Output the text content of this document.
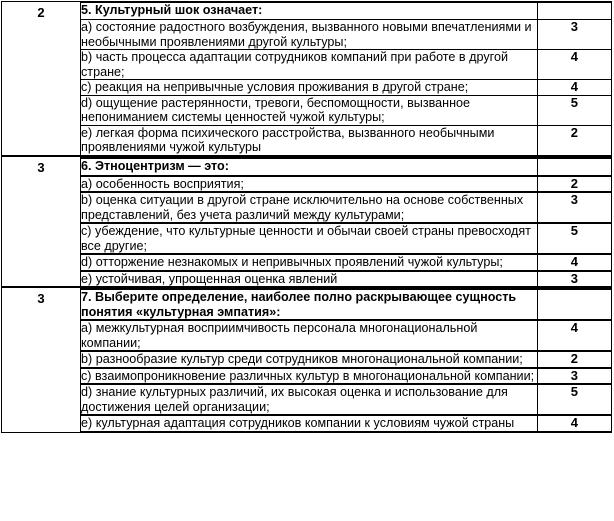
2		5. Культурный шок означает:	
а) состояние радостного возбуждения, вызванного новыми впечатлениями и необычными проявлениями другой культуры;	3
b) часть процесса адаптации сотрудников компаний при работе в другой стране;	4
с) реакция на непривычные условия проживания в другой стране;	4
d) ощущение растерянности, тревоги, беспомощности, вызванное непониманием системы ценностей чужой культуры;	5
е) легкая форма психического расстройства, вызванного необычными проявлениями чужой культуры	2

3		6. Этноцентризм — это:	
а) особенность восприятия;	2
b) оценка ситуации в другой стране исключительно на основе собственных представлений, без учета различий между культурами;	3
с) убеждение, что культурные ценности и обычаи своей страны превосходят все другие;	5
d) отторжение незнакомых и непривычных проявлений чужой культуры;	4
е) устойчивая, упрощенная оценка явлений	3

3		7. Выберите определение, наиболее полно раскрывающее сущность понятия «культурная эмпатия»:	
а) межкультурная восприимчивость персонала многонациональной компании;	4
b) разнообразие культур среди сотрудников многонациональной компании;	2
с) взаимопроникновение различных культур в многонациональной компании;	3
d) знание культурных различий, их высокая оценка и использование для достижения целей организации;	5
е) культурная адаптация сотрудников компании к условиям чужой страны	4
